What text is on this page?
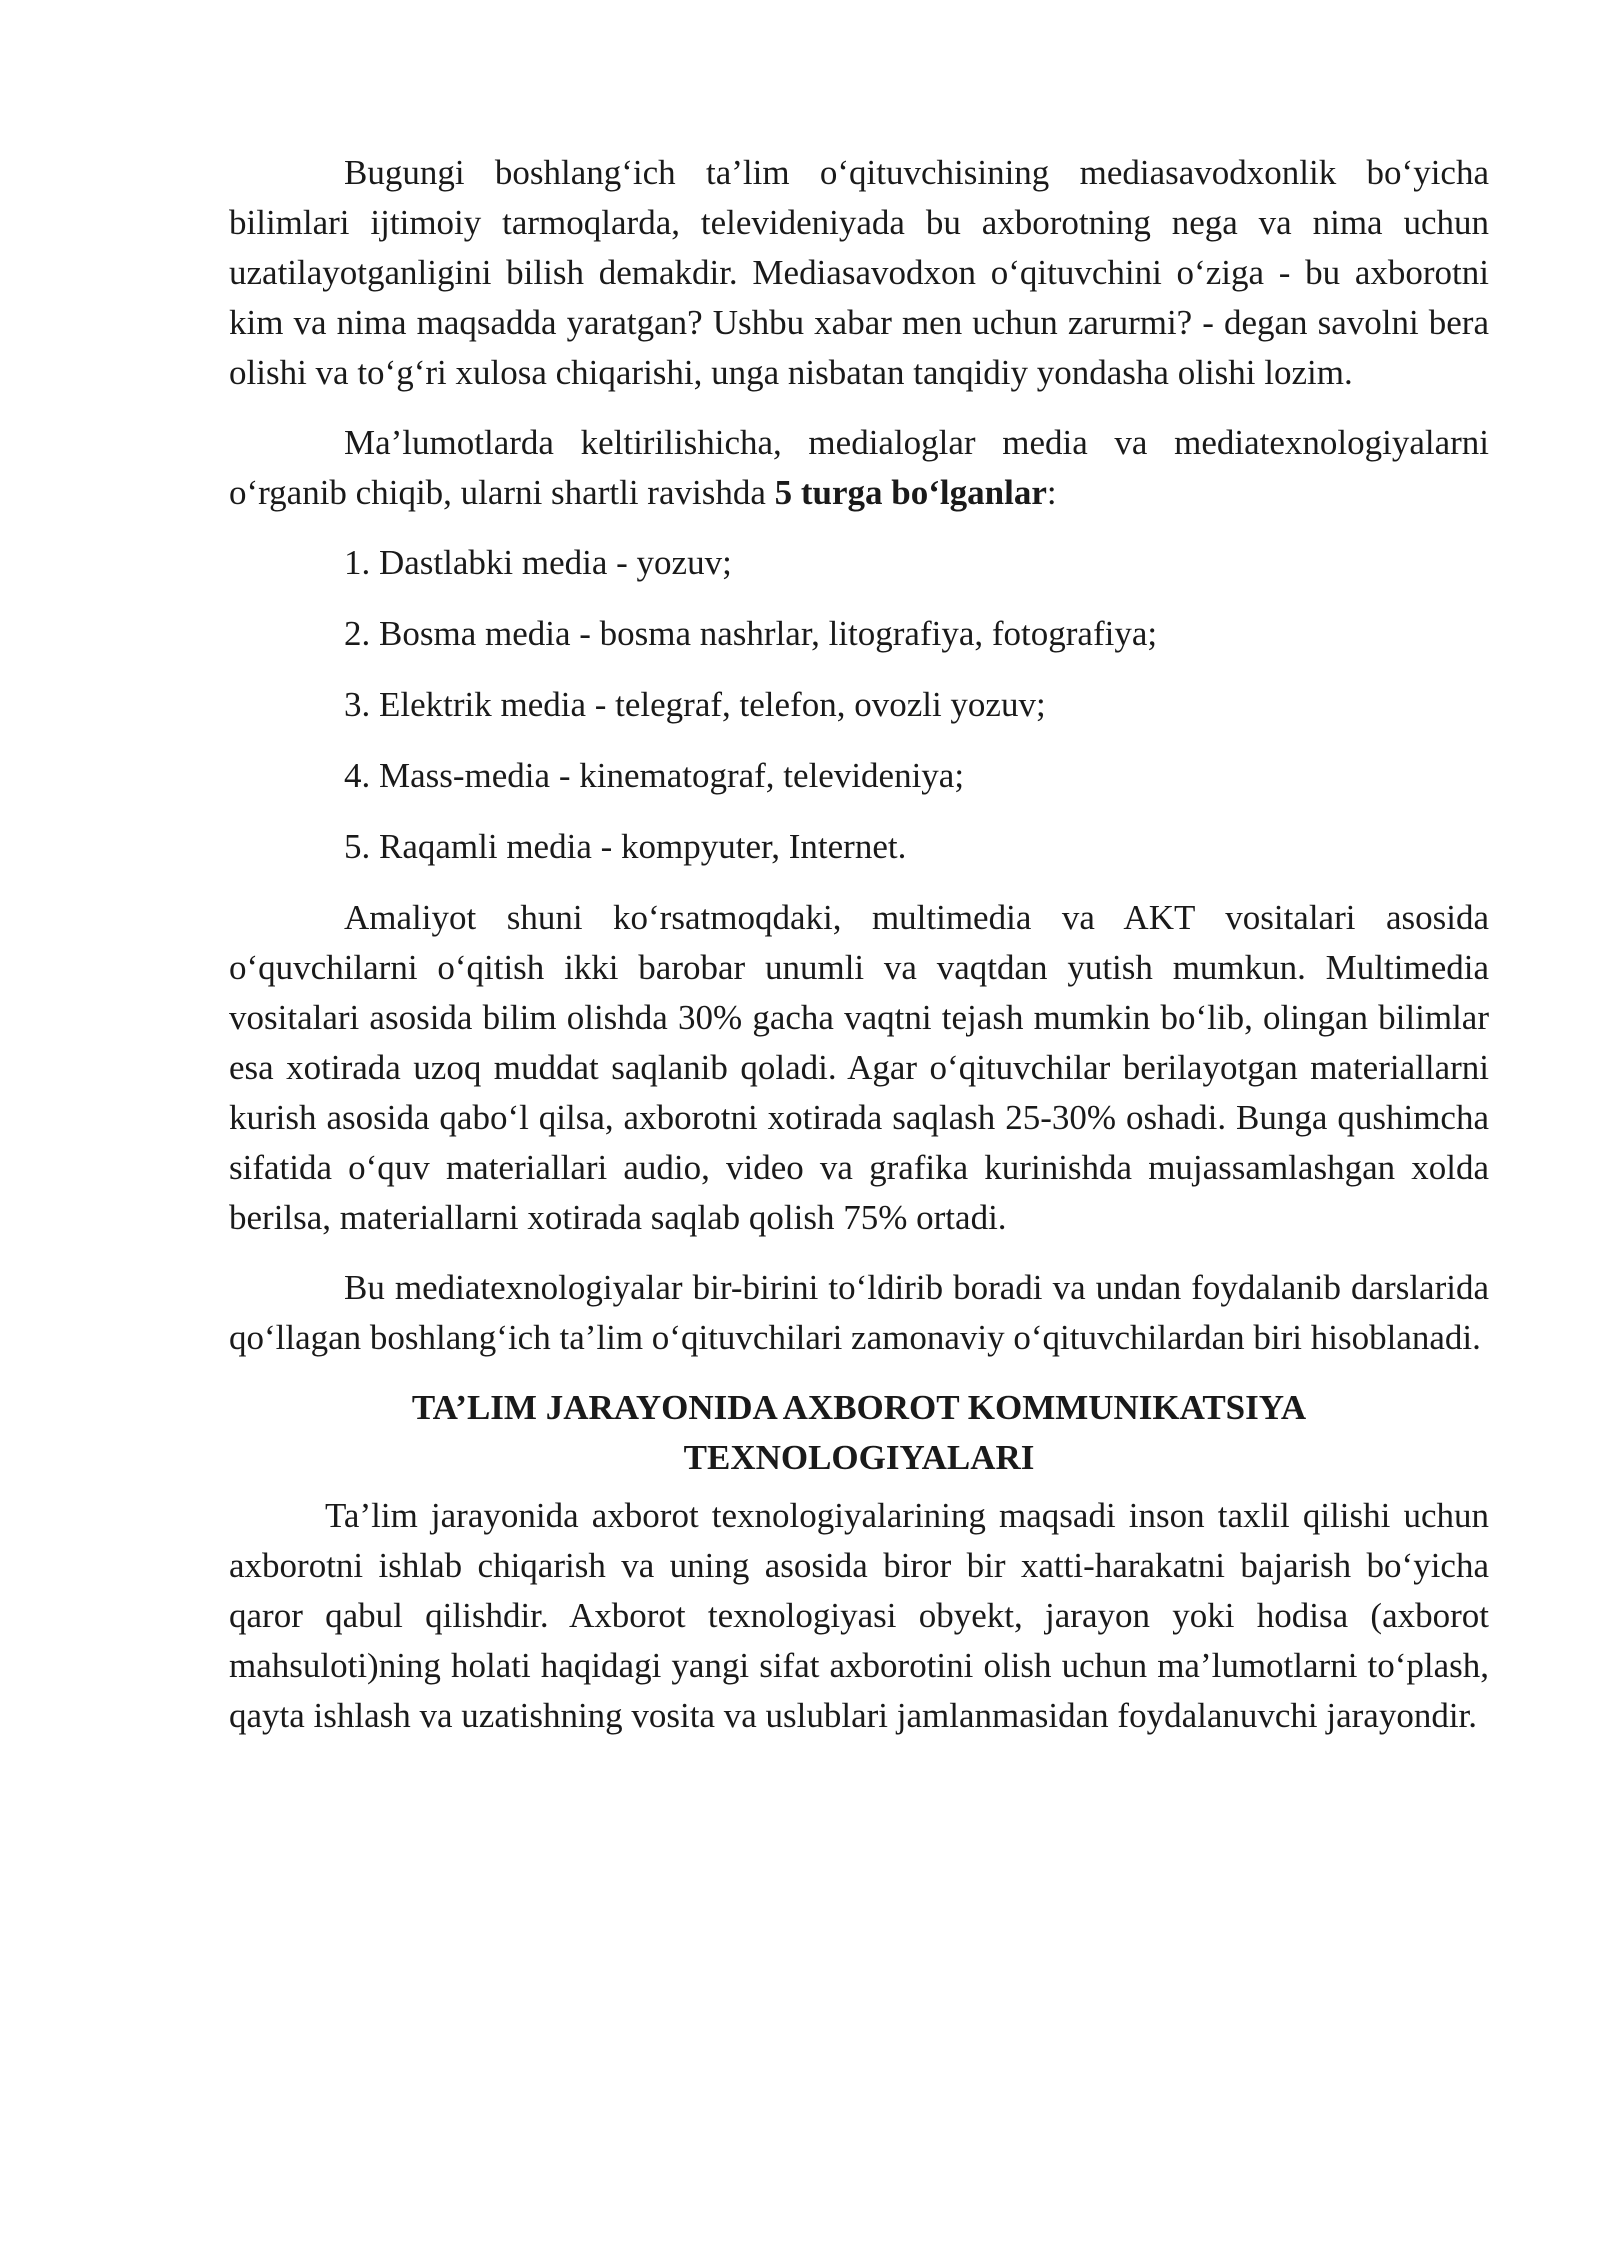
Bugungi boshlang‘ich ta’lim o‘qituvchisining mediasavodxonlik bo‘yicha bilimlari ijtimoiy tarmoqlarda, televideniyada bu axborotning nega va nima uchun uzatilayotganligini bilish demakdir. Mediasavodxon o‘qituvchini o‘ziga - bu axborotni kim va nima maqsadda yaratgan? Ushbu xabar men uchun zarurmi? - degan savolni bera olishi va to‘g‘ri xulosa chiqarishi, unga nisbatan tanqidiy yondasha olishi lozim.

Ma’lumotlarda keltirilishicha, medialoglar media va mediatexnologiyalarni o‘rganib chiqib, ularni shartli ravishda 5 turga bo‘lganlar:

1. Dastlabki media - yozuv;
2. Bosma media - bosma nashrlar, litografiya, fotografiya;
3. Elektrik media - telegraf, telefon, ovozli yozuv;
4. Mass-media - kinematograf, televideniya;
5. Raqamli media - kompyuter, Internet.

Amaliyot shuni ko‘rsatmoqdaki, multimedia va AKT vositalari asosida o‘quvchilarni o‘qitish ikki barobar unumli va vaqtdan yutish mumkun. Multimedia vositalari asosida bilim olishda 30% gacha vaqtni tejash mumkin bo‘lib, olingan bilimlar esa xotirada uzoq muddat saqlanib qoladi. Agar o‘qituvchilar berilayotgan materiallarni kurish asosida qabo‘l qilsa, axborotni xotirada saqlash 25-30% oshadi. Bunga qushimcha sifatida o‘quv materiallari audio, video va grafika kurinishda mujassamlashgan xolda berilsa, materiallarni xotirada saqlab qolish 75% ortadi.

Bu mediatexnologiyalar bir-birini to‘ldirib boradi va undan foydalanib darslarida qo‘llagan boshlang‘ich ta’lim o‘qituvchilari zamonaviy o‘qituvchilardan biri hisoblanadi.

TA’LIM JARAYONIDA AXBOROT KOMMUNIKATSIYA
TEXNOLOGIYALARI

Ta’lim jarayonida axborot texnologiyalarining maqsadi inson taxlil qilishi uchun axborotni ishlab chiqarish va uning asosida biror bir xatti-harakatni bajarish bo‘yicha qaror qabul qilishdir. Axborot texnologiyasi obyekt, jarayon yoki hodisa (axborot mahsuloti)ning holati haqidagi yangi sifat axborotini olish uchun ma’lumotlarni to‘plash, qayta ishlash va uzatishning vosita va uslublari jamlanmasidan foydalanuvchi jarayondir.
